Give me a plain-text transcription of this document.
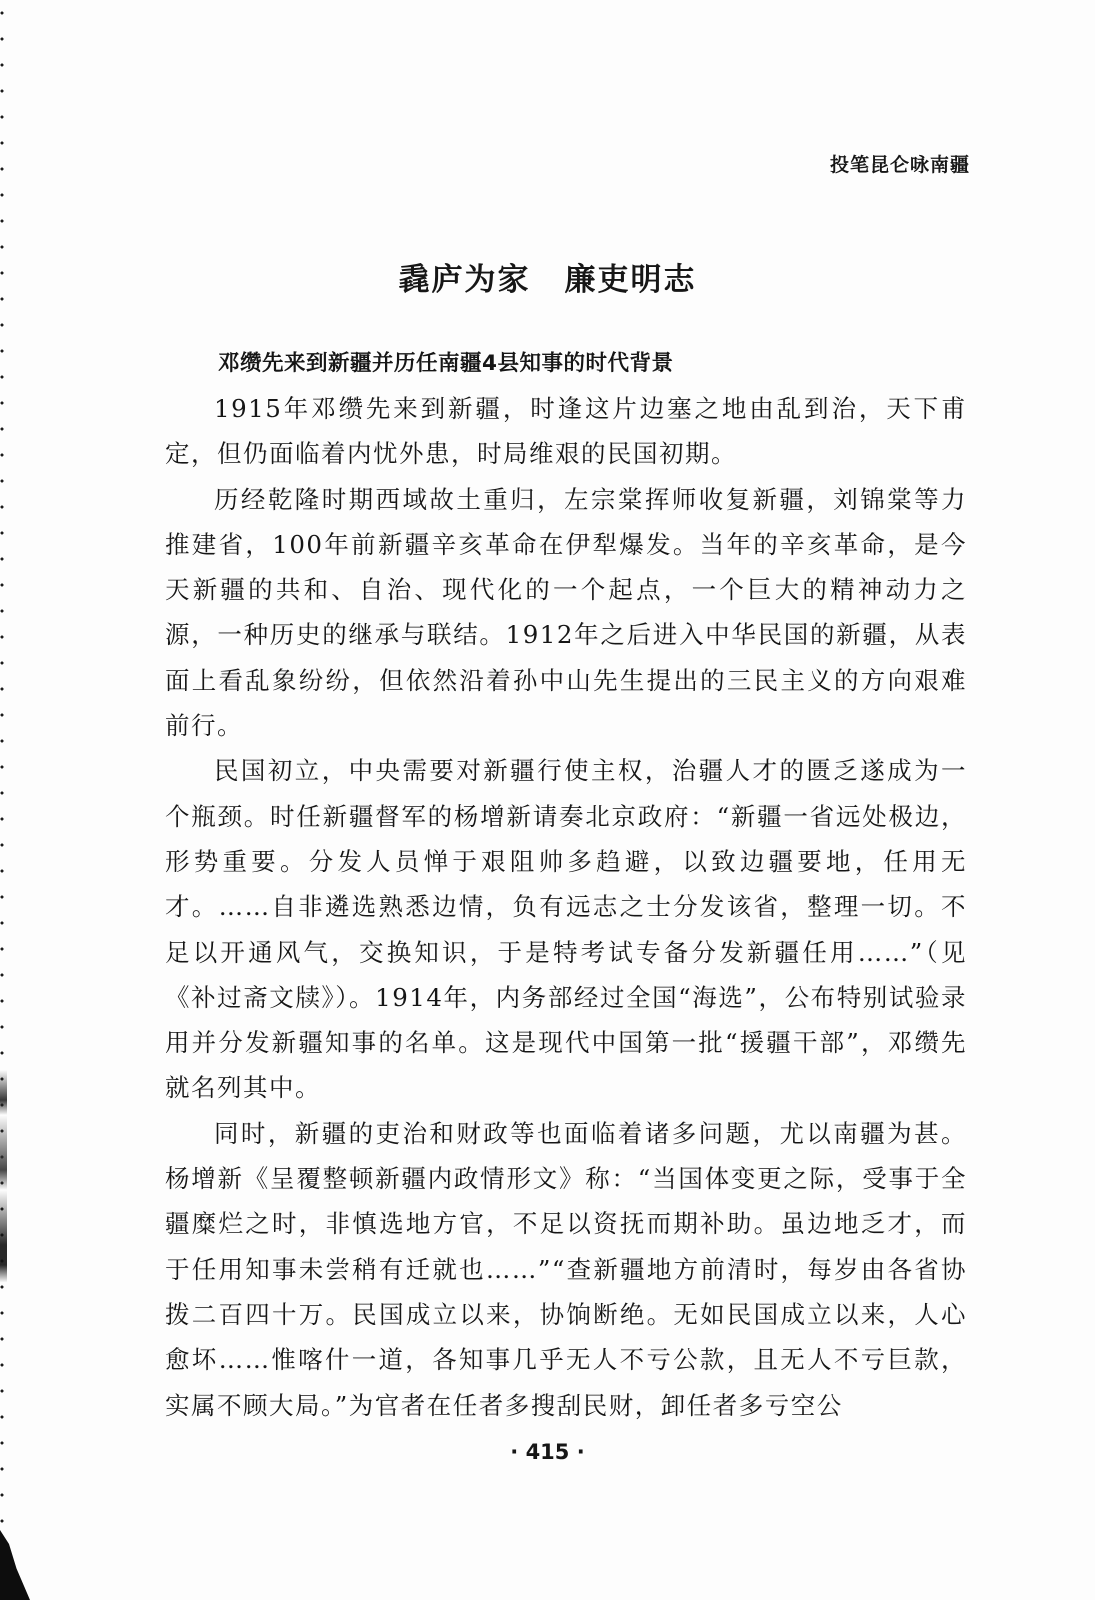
投笔昆仑咏南疆
毳庐为家 廉吏明志
邓缵先来到新疆并历任南疆4县知事的时代背景

1915年邓缵先来到新疆，时逢这片边塞之地由乱到治，天下甫定，但仍面临着内忧外患，时局维艰的民国初期。

历经乾隆时期西域故土重归，左宗棠挥师收复新疆，刘锦棠等力推建省，100年前新疆辛亥革命在伊犁爆发。当年的辛亥革命，是今天新疆的共和、自治、现代化的一个起点，一个巨大的精神动力之源，一种历史的继承与联结。1912年之后进入中华民国的新疆，从表面上看乱象纷纷，但依然沿着孙中山先生提出的三民主义的方向艰难前行。

民国初立，中央需要对新疆行使主权，治疆人才的匮乏遂成为一个瓶颈。时任新疆督军的杨增新请奏北京政府：“新疆一省远处极边，形势重要。分发人员惮于艰阻帅多趋避，以致边疆要地，任用无才。……自非遴选熟悉边情，负有远志之士分发该省，整理一切。不足以开通风气，交换知识，于是特考试专备分发新疆任用……”（见《补过斋文牍》）。1914年，内务部经过全国“海选”，公布特别试验录用并分发新疆知事的名单。这是现代中国第一批“援疆干部”，邓缵先就名列其中。

同时，新疆的吏治和财政等也面临着诸多问题，尤以南疆为甚。杨增新《呈覆整顿新疆内政情形文》称：“当国体变更之际，受事于全疆糜烂之时，非慎选地方官，不足以资抚而期补助。虽边地乏才，而于任用知事未尝稍有迁就也……”“查新疆地方前清时，每岁由各省协拨二百四十万。民国成立以来，协饷断绝。无如民国成立以来，人心愈坏……惟喀什一道，各知事几乎无人不亏公款，且无人不亏巨款，实属不顾大局。”为官者在任者多搜刮民财，卸任者多亏空公

· 415 ·
